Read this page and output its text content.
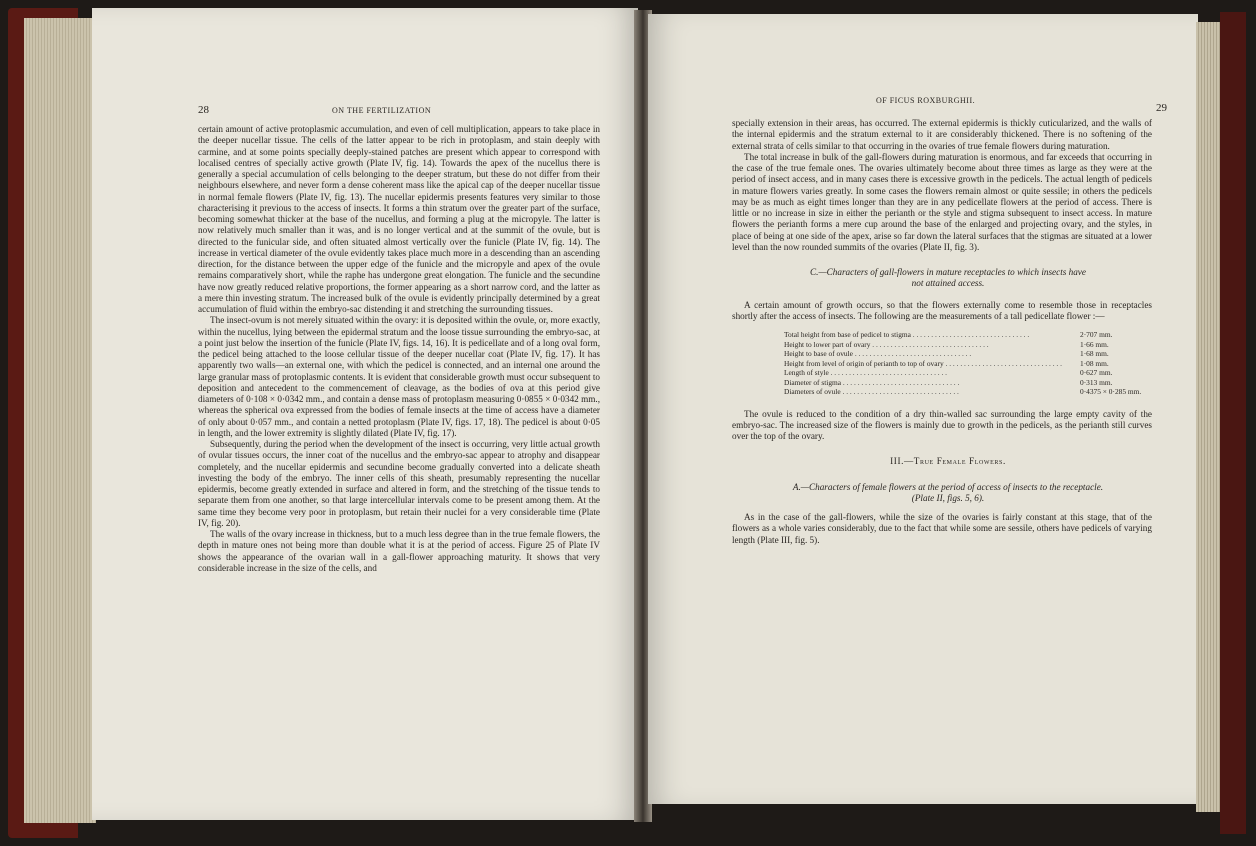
28	ON THE FERTILIZATION

certain amount of active protoplasmic accumulation, and even of cell multiplication, appears to take place in the deeper nucellar tissue. The cells of the latter appear to be rich in protoplasm, and stain deeply with carmine, and at some points specially deeply-stained patches are present which appear to correspond with localised centres of specially active growth (Plate IV, fig. 14). Towards the apex of the nucellus there is generally a special accumulation of cells belonging to the deeper stratum, but these do not differ from their neighbours elsewhere, and never form a dense coherent mass like the apical cap of the deeper nucellar tissue in normal female flowers (Plate IV, fig. 13). The nucellar epidermis presents features very similar to those characterising it previous to the access of insects. It forms a thin stratum over the greater part of the surface, becoming somewhat thicker at the base of the nucellus, and forming a plug at the micropyle. The latter is now relatively much smaller than it was, and is no longer vertical and at the summit of the ovule, but is directed to the funicular side, and often situated almost vertically over the funicle (Plate IV, fig. 14). The increase in vertical diameter of the ovule evidently takes place much more in a descending than an ascending direction, for the distance between the upper edge of the funicle and the micropyle and apex of the ovule remains comparatively short, while the raphe has undergone great elongation. The funicle and the secundine have now greatly reduced relative proportions, the former appearing as a short narrow cord, and the latter as a mere thin investing stratum. The increased bulk of the ovule is evidently principally determined by a great accumulation of fluid within the embryo-sac distending it and stretching the surrounding tissues.

The insect-ovum is not merely situated within the ovary: it is deposited within the ovule, or, more exactly, within the nucellus, lying between the epidermal stratum and the loose tissue surrounding the embryo-sac, at a point just below the insertion of the funicle (Plate IV, figs. 14, 16). It is pedicellate and of a long oval form, the pedicel being attached to the loose cellular tissue of the deeper nucellar coat (Plate IV, fig. 17). It has apparently two walls—an external one, with which the pedicel is connected, and an internal one around the large granular mass of protoplasmic contents. It is evident that considerable growth must occur subsequent to deposition and antecedent to the commencement of cleavage, as the bodies of ova at this period give diameters of 0·108 × 0·0342 mm., and contain a dense mass of protoplasm measuring 0·0855 × 0·0342 mm., whereas the spherical ova expressed from the bodies of female insects at the time of access have a diameter of only about 0·057 mm., and contain a netted protoplasm (Plate IV, figs. 17, 18). The pedicel is about 0·05 in length, and the lower extremity is slightly dilated (Plate IV, fig. 17).

Subsequently, during the period when the development of the insect is occurring, very little actual growth of ovular tissues occurs, the inner coat of the nucellus and the embryo-sac appear to atrophy and disappear completely, and the nucellar epidermis and secundine become gradually converted into a delicate sheath investing the body of the embryo. The inner cells of this sheath, presumably representing the nucellar epidermis, become greatly extended in surface and altered in form, and the stretching of the tissue tends to separate them from one another, so that large intercellular intervals come to be present among them. At the same time they become very poor in protoplasm, but retain their nuclei for a very considerable time (Plate IV, fig. 20).

The walls of the ovary increase in thickness, but to a much less degree than in the true female flowers, the depth in mature ones not being more than double what it is at the period of access. Figure 25 of Plate IV shows the appearance of the ovarian wall in a gall-flower approaching maturity. It shows that very considerable increase in the size of the cells, and

OF FICUS ROXBURGHII.
29

specially extension in their areas, has occurred. The external epidermis is thickly cuticularized, and the walls of the internal epidermis and the stratum external to it are considerably thickened. There is no softening of the external strata of cells similar to that occurring in the ovaries of true female flowers during maturation.

The total increase in bulk of the gall-flowers during maturation is enormous, and far exceeds that occurring in the case of the true female ones. The ovaries ultimately become about three times as large as they were at the period of insect access, and in many cases there is excessive growth in the pedicels. The actual length of pedicels in mature flowers varies greatly. In some cases the flowers remain almost or quite sessile; in others the pedicels may be as much as eight times longer than they are in any pedicellate flowers at the period of access. There is little or no increase in size in either the perianth or the style and stigma subsequent to insect access. In mature flowers the perianth forms a mere cup around the base of the enlarged and projecting ovary, and the styles, in place of being at one side of the apex, arise so far down the lateral surfaces that the stigmas are situated at a lower level than the now rounded summits of the ovaries (Plate II, fig. 3).

C.—Characters of gall-flowers in mature receptacles to which insects have
not attained access.

A certain amount of growth occurs, so that the flowers externally come to resemble those in receptacles shortly after the access of insects. The following are the measurements of a tall pedicellate flower :—

Total height from base of pedicel to stigma . . . . . . . . . . . . . . . . . . . . . . . . . . . . . . . .	2·707 mm.
Height to lower part of ovary . . . . . . . . . . . . . . . . . . . . . . . . . . . . . . . .	1·66 mm.
Height to base of ovule . . . . . . . . . . . . . . . . . . . . . . . . . . . . . . . .	1·68 mm.
Height from level of origin of perianth to top of ovary . . . . . . . . . . . . . . . . . . . . . . . . . . . . . . . .	1·08 mm.
Length of style . . . . . . . . . . . . . . . . . . . . . . . . . . . . . . . .	0·627 mm.
Diameter of stigma . . . . . . . . . . . . . . . . . . . . . . . . . . . . . . . .	0·313 mm.
Diameters of ovule . . . . . . . . . . . . . . . . . . . . . . . . . . . . . . . .	0·4375 × 0·285 mm.

The ovule is reduced to the condition of a dry thin-walled sac surrounding the large empty cavity of the embryo-sac. The increased size of the flowers is mainly due to growth in the pedicels, as the perianth still curves over the top of the ovary.

III.—True Female Flowers.

A.—Characters of female flowers at the period of access of insects to the receptacle.
(Plate II, figs. 5, 6).

As in the case of the gall-flowers, while the size of the ovaries is fairly constant at this stage, that of the flowers as a whole varies considerably, due to the fact that while some are sessile, others have pedicels of varying length (Plate III, fig. 5).
